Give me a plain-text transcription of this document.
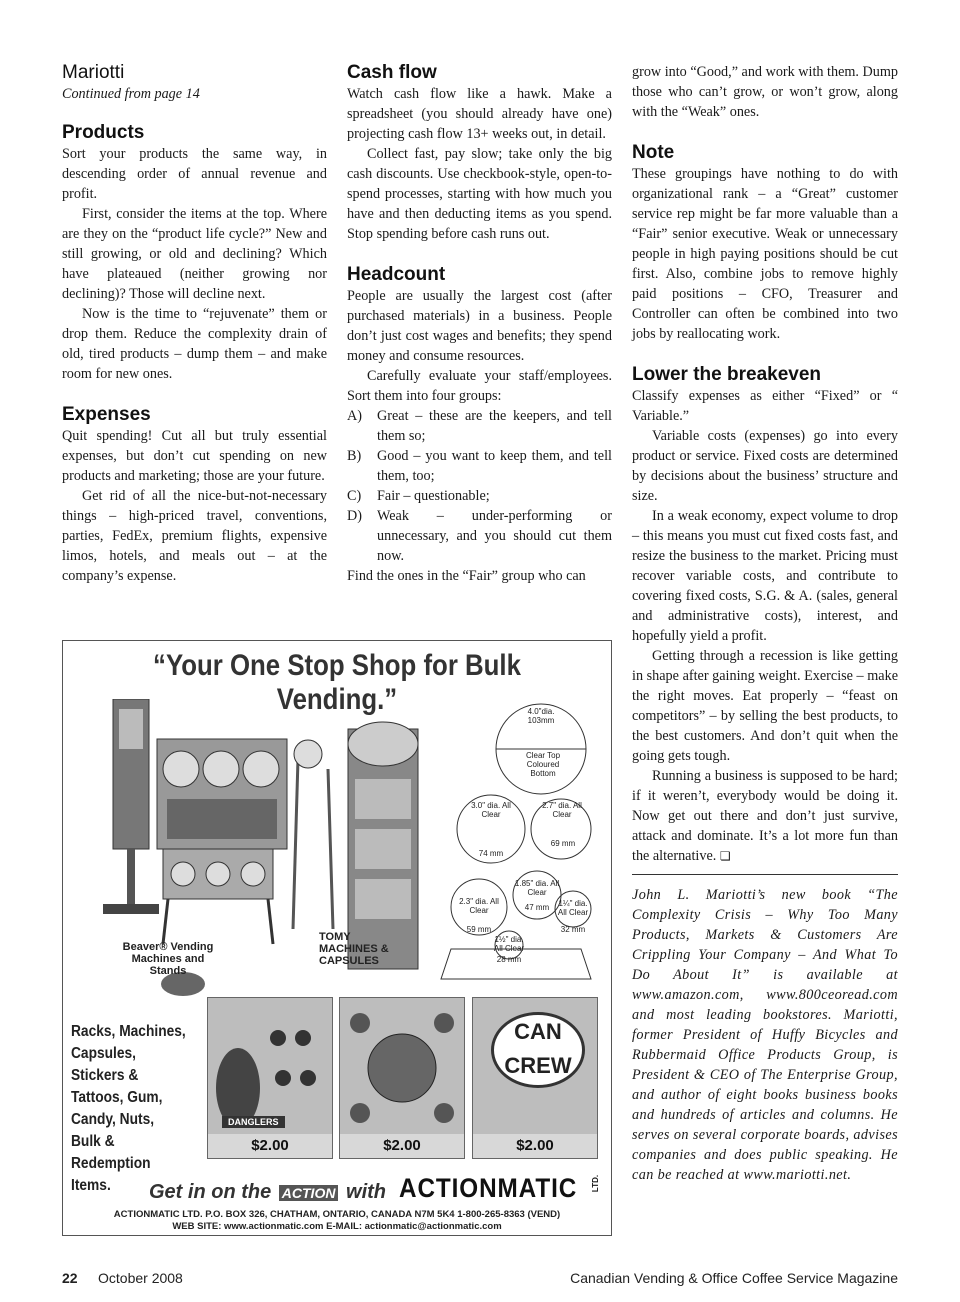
Mariotti

Continued from page 14

Products

Sort your products the same way, in descending order of annual revenue and profit.

First, consider the items at the top. Where are they on the “product life cycle?” New and still growing, or old and declining? Which have plateaued (neither growing nor declining)? Those will decline next.

Now is the time to “rejuvenate” them or drop them. Reduce the complexity drain of old, tired products – dump them – and make room for new ones.

Expenses

Quit spending! Cut all but truly essential expenses, but don’t cut spending on new products and marketing; those are your future.

Get rid of all the nice-but-not-necessary things – high-priced travel, conventions, parties, FedEx, premium flights, expensive limos, hotels, and meals out – at the company’s expense.

Cash flow

Watch cash flow like a hawk. Make a spreadsheet (you should already have one) projecting cash flow 13+ weeks out, in detail.

Collect fast, pay slow; take only the big cash discounts. Use checkbook-style, open-to-spend processes, starting with how much you have and then deducting items as you spend. Stop spending before cash runs out.

Headcount

People are usually the largest cost (after purchased materials) in a business. People don’t just cost wages and benefits; they spend money and consume resources.

Carefully evaluate your staff/employees. Sort them into four groups:

A) Great – these are the keepers, and tell them so;
B) Good – you want to keep them, and tell them, too;
C) Fair – questionable;
D) Weak – under-performing or unnecessary, and you should cut them now.

Find the ones in the “Fair” group who can

grow into “Good,” and work with them. Dump those who can’t grow, or won’t grow, along with the “Weak” ones.

Note

These groupings have nothing to do with organizational rank – a “Great” customer service rep might be far more valuable than a “Fair” senior executive. Weak or unnecessary people in high paying positions should be cut first. Also, combine jobs to remove highly paid positions – CFO, Treasurer and Controller can often be combined into two jobs by reallocating work.

Lower the breakeven

Classify expenses as either “Fixed” or “ Variable.”

Variable costs (expenses) go into every product or service. Fixed costs are determined by decisions about the business’ structure and size.

In a weak economy, expect volume to drop – this means you must cut fixed costs fast, and resize the business to the market. Pricing must recover variable costs, and contribute to covering fixed costs, S.G. & A. (sales, general and administrative costs), interest, and hopefully yield a profit.

Getting through a recession is like getting in shape after gaining weight. Exercise – make the right moves. Eat properly – “feast on competitors” – by selling the best products, to the best customers. And don’t quit when the going gets tough.

Running a business is supposed to be hard; if it weren’t, everybody would be doing it. Now get out there and don’t just survive, attack and dominate. It’s a lot more fun than the alternative. ❏

John L. Mariotti’s new book “The Complexity Crisis – Why Too Many Products, Markets & Customers Are Crippling Your Company – And What To Do About It” is available at www.amazon.com, www.800ceoread.com and most leading bookstores. Mariotti, former President of Huffy Bicycles and Rubbermaid Office Products Group, is President & CEO of The Enterprise Group, and author of eight books business books and hundreds of articles and columns. He serves on several corporate boards, advises companies and does public speaking. He can be reached at www.mariotti.net.

“Your One Stop Shop for Bulk Vending.”
Beaver® Vending Machines and Stands
TOMY MACHINES & CAPSULES
4.0"dia. 103mm
Clear Top Coloured Bottom
3.0" dia. All Clear
2.7" dia. All Clear
74 mm
69 mm
1.85" dia. All Clear
2.3" dia. All Clear	47 mm	1¼" dia. All Clear
1½" dia. All Clear
59 mm	32 mm
28 mm
Racks, Machines, Capsules, Stickers & Tattoos, Gum, Candy, Nuts, Bulk & Redemption Items.
DANGLERS
$2.00	$2.00
CAN CREW
$2.00
Get in on the ACTION with ACTIONMATIC LTD.
ACTIONMATIC LTD. P.O. BOX 326, CHATHAM, ONTARIO, CANADA N7M 5K4 1-800-265-8363 (VEND)
WEB SITE: www.actionmatic.com E-MAIL: actionmatic@actionmatic.com
22 October 2008	Canadian Vending & Office Coffee Service Magazine
